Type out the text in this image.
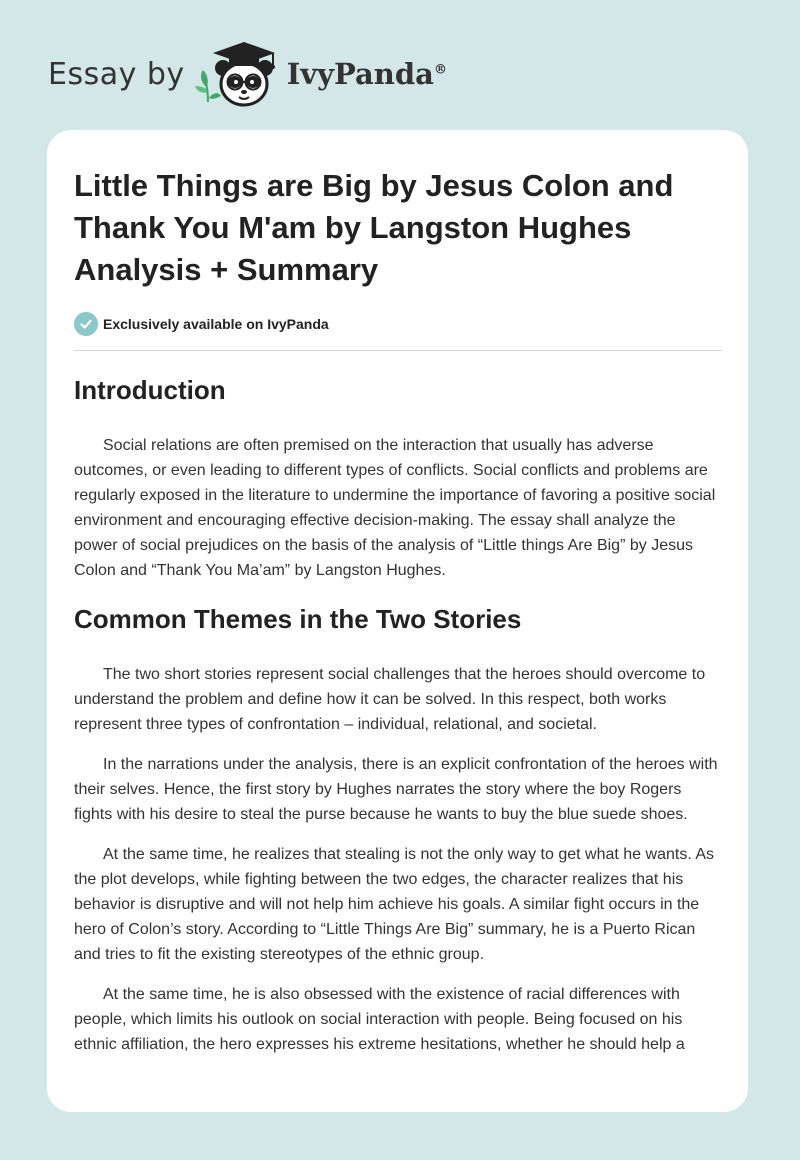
Essay by	IvyPanda®
Little Things are Big by Jesus Colon and Thank You M'am by Langston Hughes Analysis + Summary
Exclusively available on IvyPanda
Introduction

Social relations are often premised on the interaction that usually has adverse outcomes, or even leading to different types of conflicts. Social conflicts and problems are regularly exposed in the literature to undermine the importance of favoring a positive social environment and encouraging effective decision-making. The essay shall analyze the power of social prejudices on the basis of the analysis of “Little things Are Big” by Jesus Colon and “Thank You Ma’am” by Langston Hughes.

Common Themes in the Two Stories

The two short stories represent social challenges that the heroes should overcome to understand the problem and define how it can be solved. In this respect, both works represent three types of confrontation – individual, relational, and societal.

In the narrations under the analysis, there is an explicit confrontation of the heroes with their selves. Hence, the first story by Hughes narrates the story where the boy Rogers fights with his desire to steal the purse because he wants to buy the blue suede shoes.

At the same time, he realizes that stealing is not the only way to get what he wants. As the plot develops, while fighting between the two edges, the character realizes that his behavior is disruptive and will not help him achieve his goals. A similar fight occurs in the hero of Colon’s story. According to “Little Things Are Big” summary, he is a Puerto Rican and tries to fit the existing stereotypes of the ethnic group.

At the same time, he is also obsessed with the existence of racial differences with people, which limits his outlook on social interaction with people. Being focused on his ethnic affiliation, the hero expresses his extreme hesitations, whether he should help a
